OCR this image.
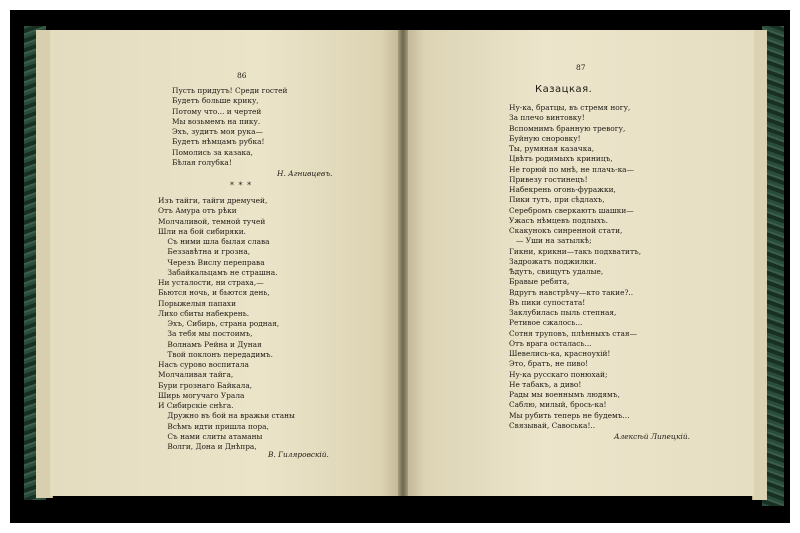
86
Пусть придутъ! Среди гостей
Будетъ больше крику,
Потому что... и чертей
Мы возьмемъ на пику.
Эхъ, зудитъ моя рука—
Будетъ нѣмцамъ рубка!
Помолись за казака,
Бѣлая голубка!
Н. Агнивцевъ.
* * *
Изъ тайги, тайги дремучей,
Отъ Амура отъ рѣки
Молчаливой, темной тучей
Шли на бой сибиряки.
Съ ними шла былая слава
Беззавѣтна и грозна,
Черезъ Вислу переправа
Забайкальцамъ не страшна.
Ни усталости, ни страха,—
Бьются ночь, и бьются день,
Порыжелыя папахи
Лихо сбиты набекрень.
Эхъ, Сибирь, страна родная,
За тебя мы постоимъ,
Волнамъ Рейна и Дуная
Твой поклонъ передадимъ.
Насъ сурово воспитала
Молчаливая тайга,
Бури грознаго Байкала,
Ширь могучаго Урала
И Сибирскiе снѣга.
Дружно въ бой на вражьи станы
Всѣмъ идти пришла пора,
Съ нами слиты атаманы
Волги, Дона и Днѣпра,
В. Гиляровскiй.
87
Казацкая.
Ну-ка, братцы, въ стремя ногу,
За плечо винтовку!
Вспомнимъ бранную тревогу,
Буйную сноровку!
Ты, румяная казачка,
Цвѣтъ родимыхъ криницъ,
Не горюй по мнѣ, не плачь-ка—
Привезу гостинецъ!
Набекрень огонь-фуражки,
Пики тутъ, при сѣдлахъ,
Серебромъ сверкаютъ шашки—
Ужасъ нѣмцевъ подлыхъ.
Скакунокъ синренной стати,
— Уши на затылкѣ;
Гикни, крикни—такъ подхватитъ,
Задрожатъ поджилки.
Ѣдутъ, свищутъ удалые,
Бравые ребята,
Вдругъ навстрѣчу—кто такие?..
Въ пики супостата!
Заклубилась пыль степная,
Ретивое сжалось...
Сотня труповъ, плѣнныхъ стая—
Отъ врага осталась...
Шевелись-ка, красноухiй!
Это, братъ, не пиво!
Ну-ка русскаго понюхай;
Не табакъ, а диво!
Рады мы военнымъ людямъ,
Саблю, милый, брось-ка!
Мы рубить теперь не будемъ...
Связывай, Савоська!..
Алексѣй Липецкiй.
